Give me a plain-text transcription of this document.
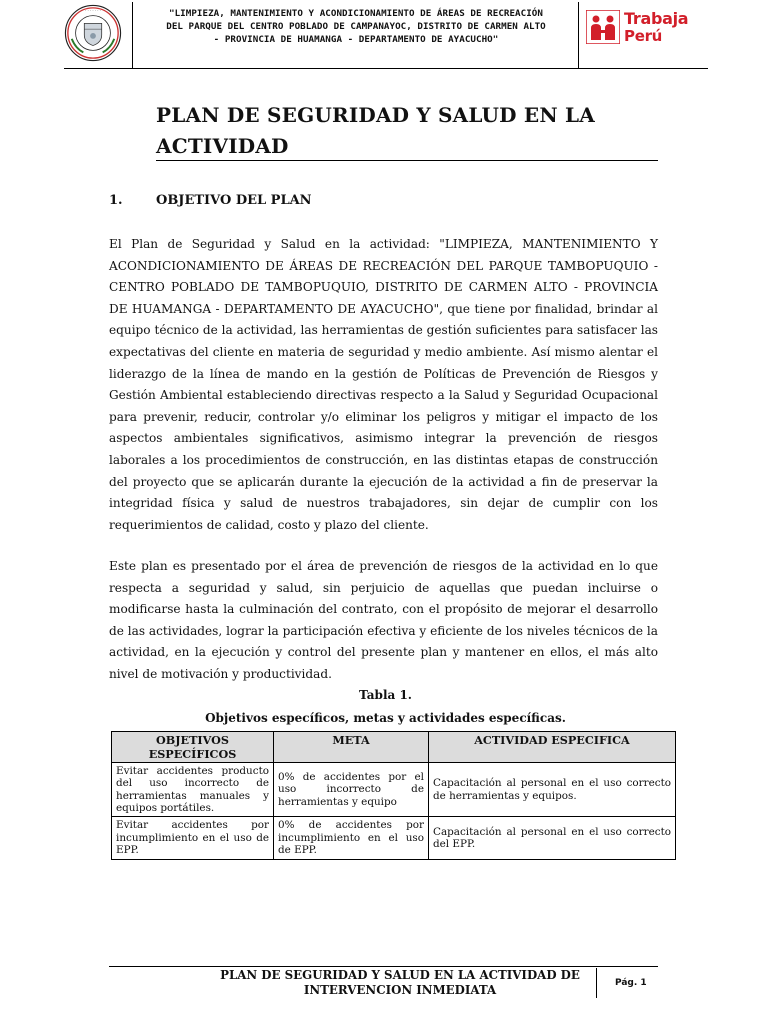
· · · · · · ·	"LIMPIEZA, MANTENIMIENTO Y ACONDICIONAMIENTO DE ÁREAS DE RECREACIÓN
DEL PARQUE DEL CENTRO POBLADO DE CAMPANAYOC, DISTRITO DE CARMEN ALTO
- PROVINCIA DE HUAMANGA - DEPARTAMENTO DE AYACUCHO"
Trabaja
Perú
PLAN DE SEGURIDAD Y SALUD EN LA ACTIVIDAD
1.	OBJETIVO DEL PLAN
El Plan de Seguridad y Salud en la actividad: "LIMPIEZA, MANTENIMIENTO Y ACONDICIONAMIENTO DE ÁREAS DE RECREACIÓN DEL PARQUE TAMBOPUQUIO - CENTRO POBLADO DE TAMBOPUQUIO, DISTRITO DE CARMEN ALTO - PROVINCIA DE HUAMANGA - DEPARTAMENTO DE AYACUCHO", que tiene por finalidad, brindar al equipo técnico de la actividad, las herramientas de gestión suficientes para satisfacer las expectativas del cliente en materia de seguridad y medio ambiente. Así mismo alentar el liderazgo de la línea de mando en la gestión de Políticas de Prevención de Riesgos y Gestión Ambiental estableciendo directivas respecto a la Salud y Seguridad Ocupacional para prevenir, reducir, controlar y/o eliminar los peligros y mitigar el impacto de los aspectos ambientales significativos, asimismo integrar la prevención de riesgos laborales a los procedimientos de construcción, en las distintas etapas de construcción del proyecto que se aplicarán durante la ejecución de la actividad a fin de preservar la integridad física y salud de nuestros trabajadores, sin dejar de cumplir con los requerimientos de calidad, costo y plazo del cliente.
Este plan es presentado por el área de prevención de riesgos de la actividad en lo que respecta a seguridad y salud, sin perjuicio de aquellas que puedan incluirse o modificarse hasta la culminación del contrato, con el propósito de mejorar el desarrollo de las actividades, lograr la participación efectiva y eficiente de los niveles técnicos de la actividad, en la ejecución y control del presente plan y mantener en ellos, el más alto nivel de motivación y productividad.
Tabla 1.
Objetivos específicos, metas y actividades específicas.
OBJETIVOS ESPECÍFICOS	META	ACTIVIDAD ESPECIFICA
Evitar accidentes producto del uso incorrecto de herramientas manuales y equipos portátiles.	0% de accidentes por el uso incorrecto de herramientas y equipo	Capacitación al personal en el uso correcto de herramientas y equipos.
Evitar accidentes por incumplimiento en el uso de EPP.	0% de accidentes por incumplimiento en el uso de EPP.	Capacitación al personal en el uso correcto del EPP.
PLAN DE SEGURIDAD Y SALUD EN LA ACTIVIDAD DE INTERVENCION INMEDIATA	Pág. 1
